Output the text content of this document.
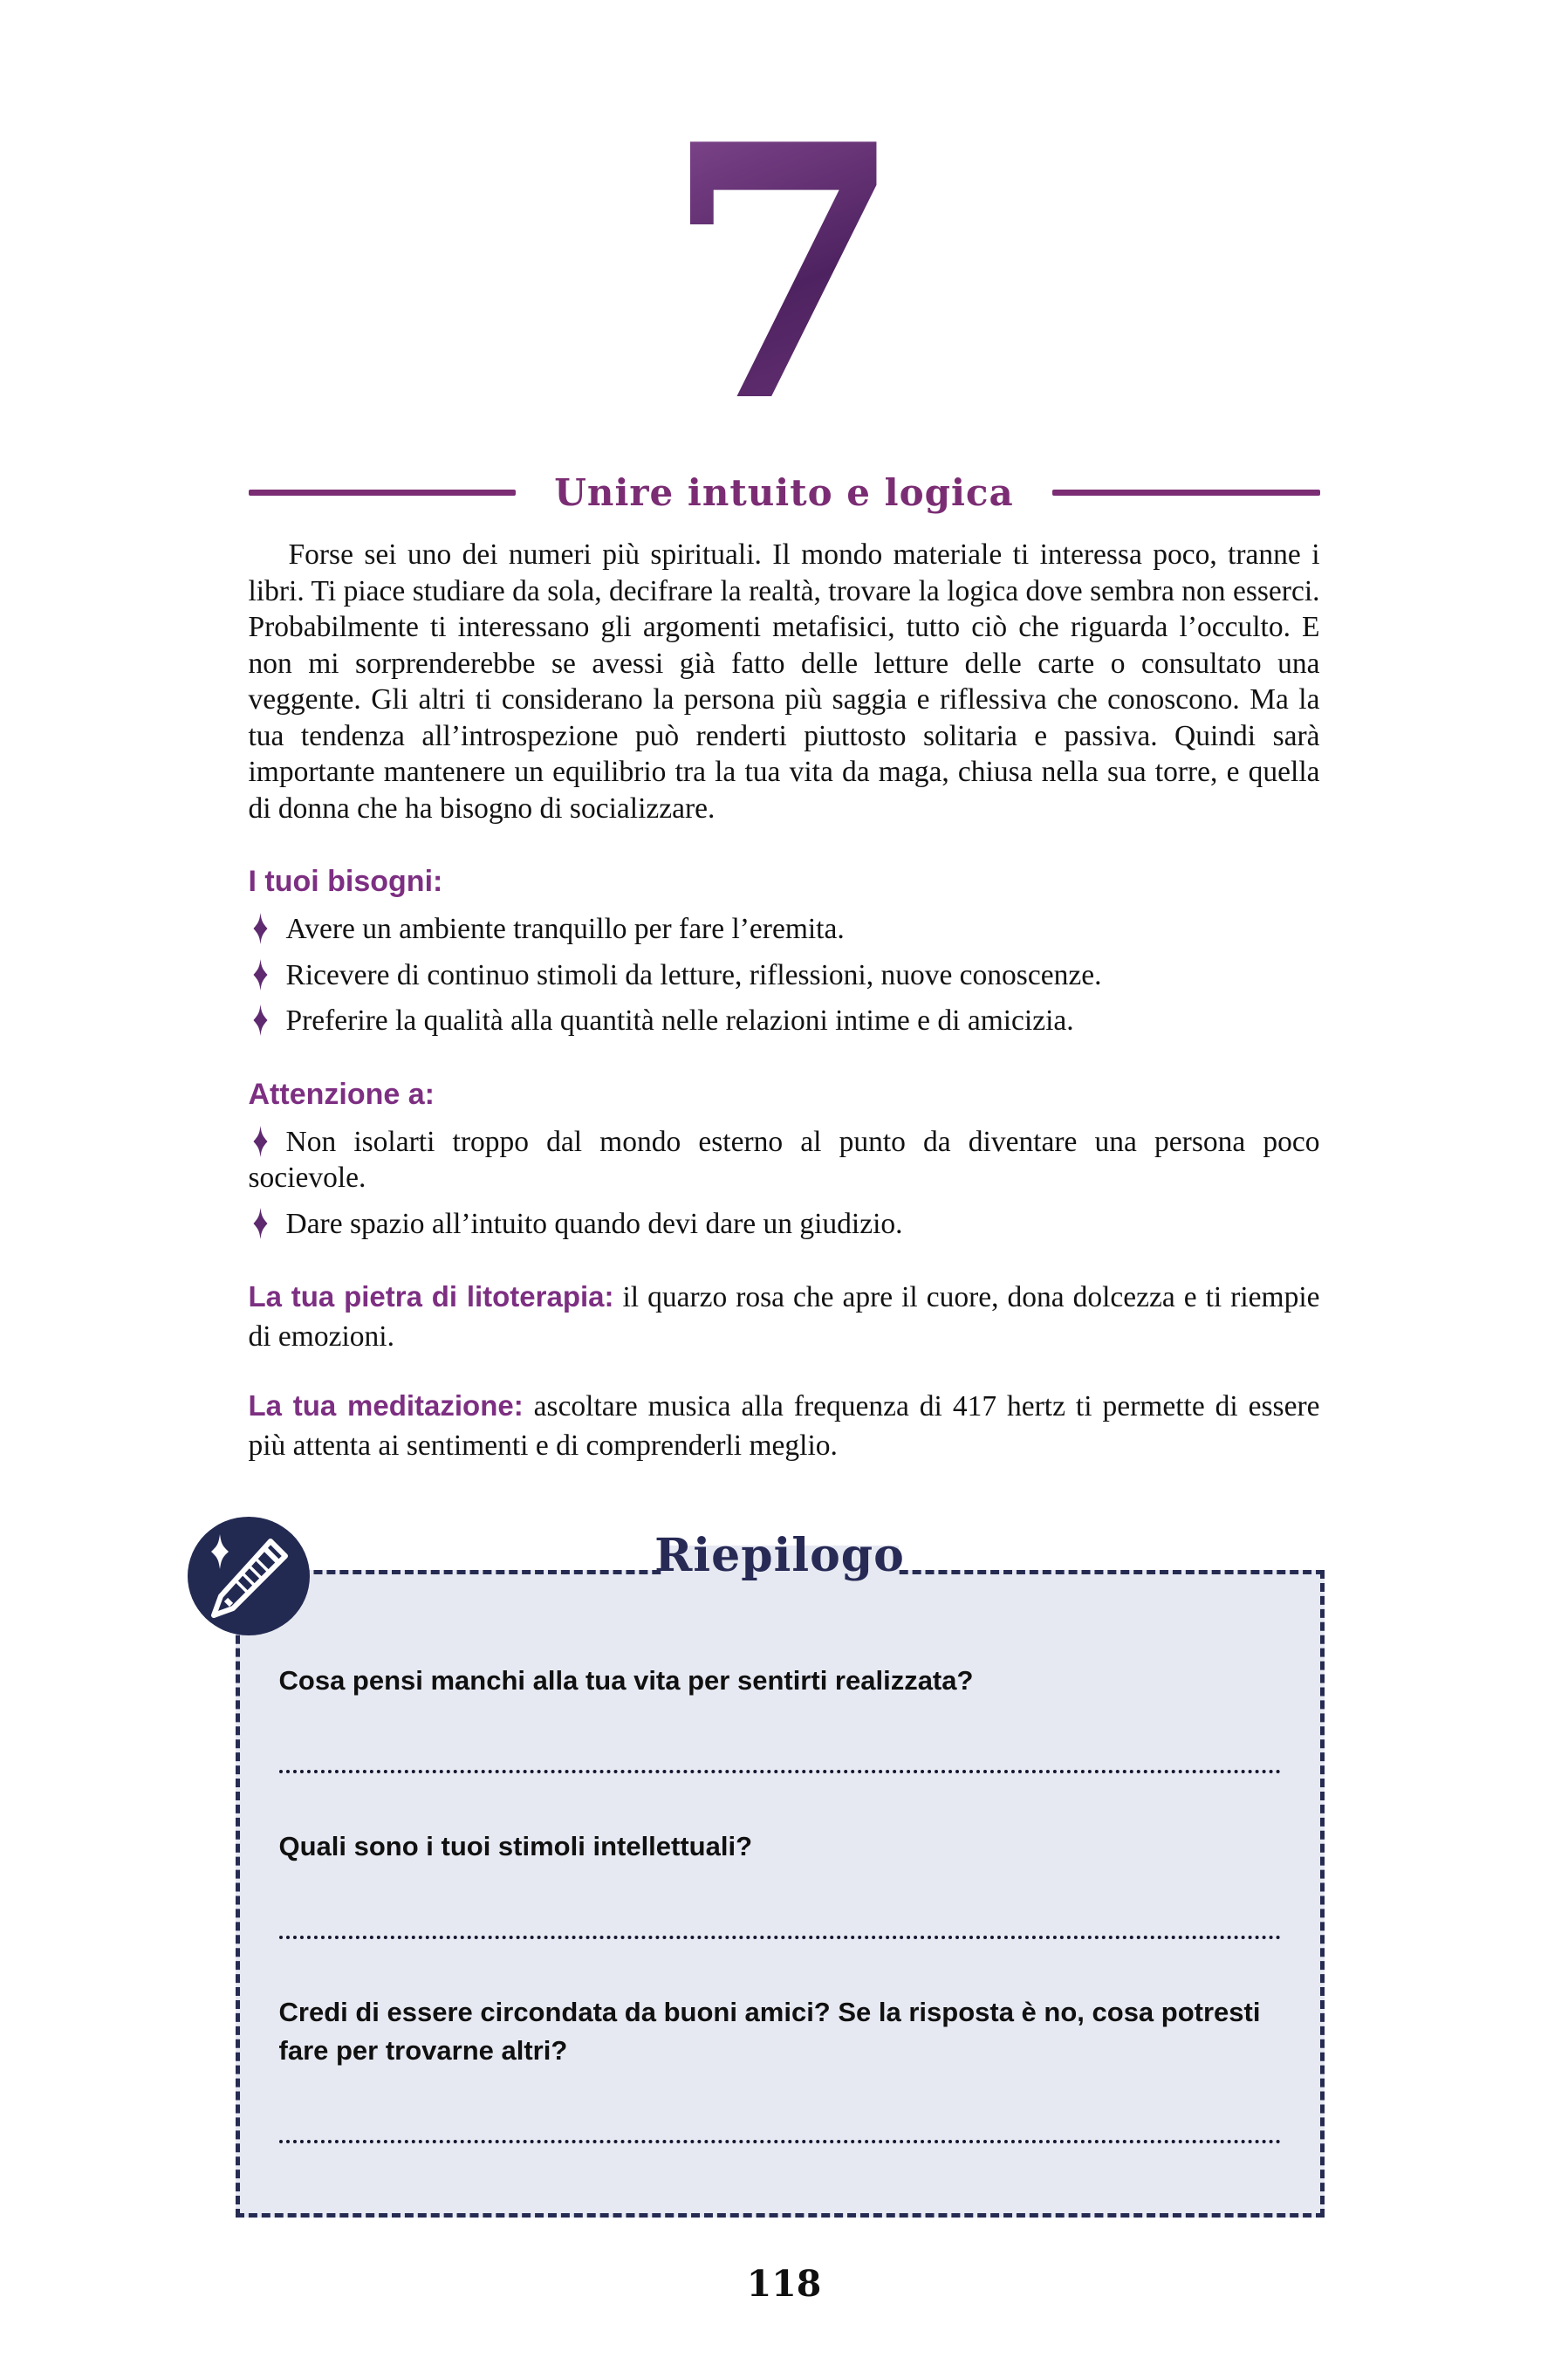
7
Unire intuito e logica

Forse sei uno dei numeri più spirituali. Il mondo materiale ti interessa poco, tranne i libri. Ti piace studiare da sola, decifrare la realtà, trovare la logica dove sembra non esserci. Probabilmente ti interessano gli argomenti metafisici, tutto ciò che riguarda l’occulto. E non mi sorprenderebbe se avessi già fatto delle letture delle carte o consultato una veggente. Gli altri ti considerano la persona più saggia e riflessiva che conoscono. Ma la tua tendenza all’introspezione può renderti piuttosto solitaria e passiva. Quindi sarà importante mantenere un equilibrio tra la tua vita da maga, chiusa nella sua torre, e quella di donna che ha bisogno di socializzare.

I tuoi bisogni:

Avere un ambiente tranquillo per fare l’eremita.

Ricevere di continuo stimoli da letture, riflessioni, nuove conoscenze.

Preferire la qualità alla quantità nelle relazioni intime e di amicizia.

Attenzione a:

Non isolarti troppo dal mondo esterno al punto da diventare una persona poco socievole.

Dare spazio all’intuito quando devi dare un giudizio.

La tua pietra di litoterapia: il quarzo rosa che apre il cuore, dona dolcezza e ti riempie di emozioni.

La tua meditazione: ascoltare musica alla frequenza di 417 hertz ti permette di essere più attenta ai sentimenti e di comprenderli meglio.

Riepilogo
Cosa pensi manchi alla tua vita per sentirti realizzata?
Quali sono i tuoi stimoli intellettuali?
Credi di essere circondata da buoni amici? Se la risposta è no, cosa potresti fare per trovarne altri?
118
